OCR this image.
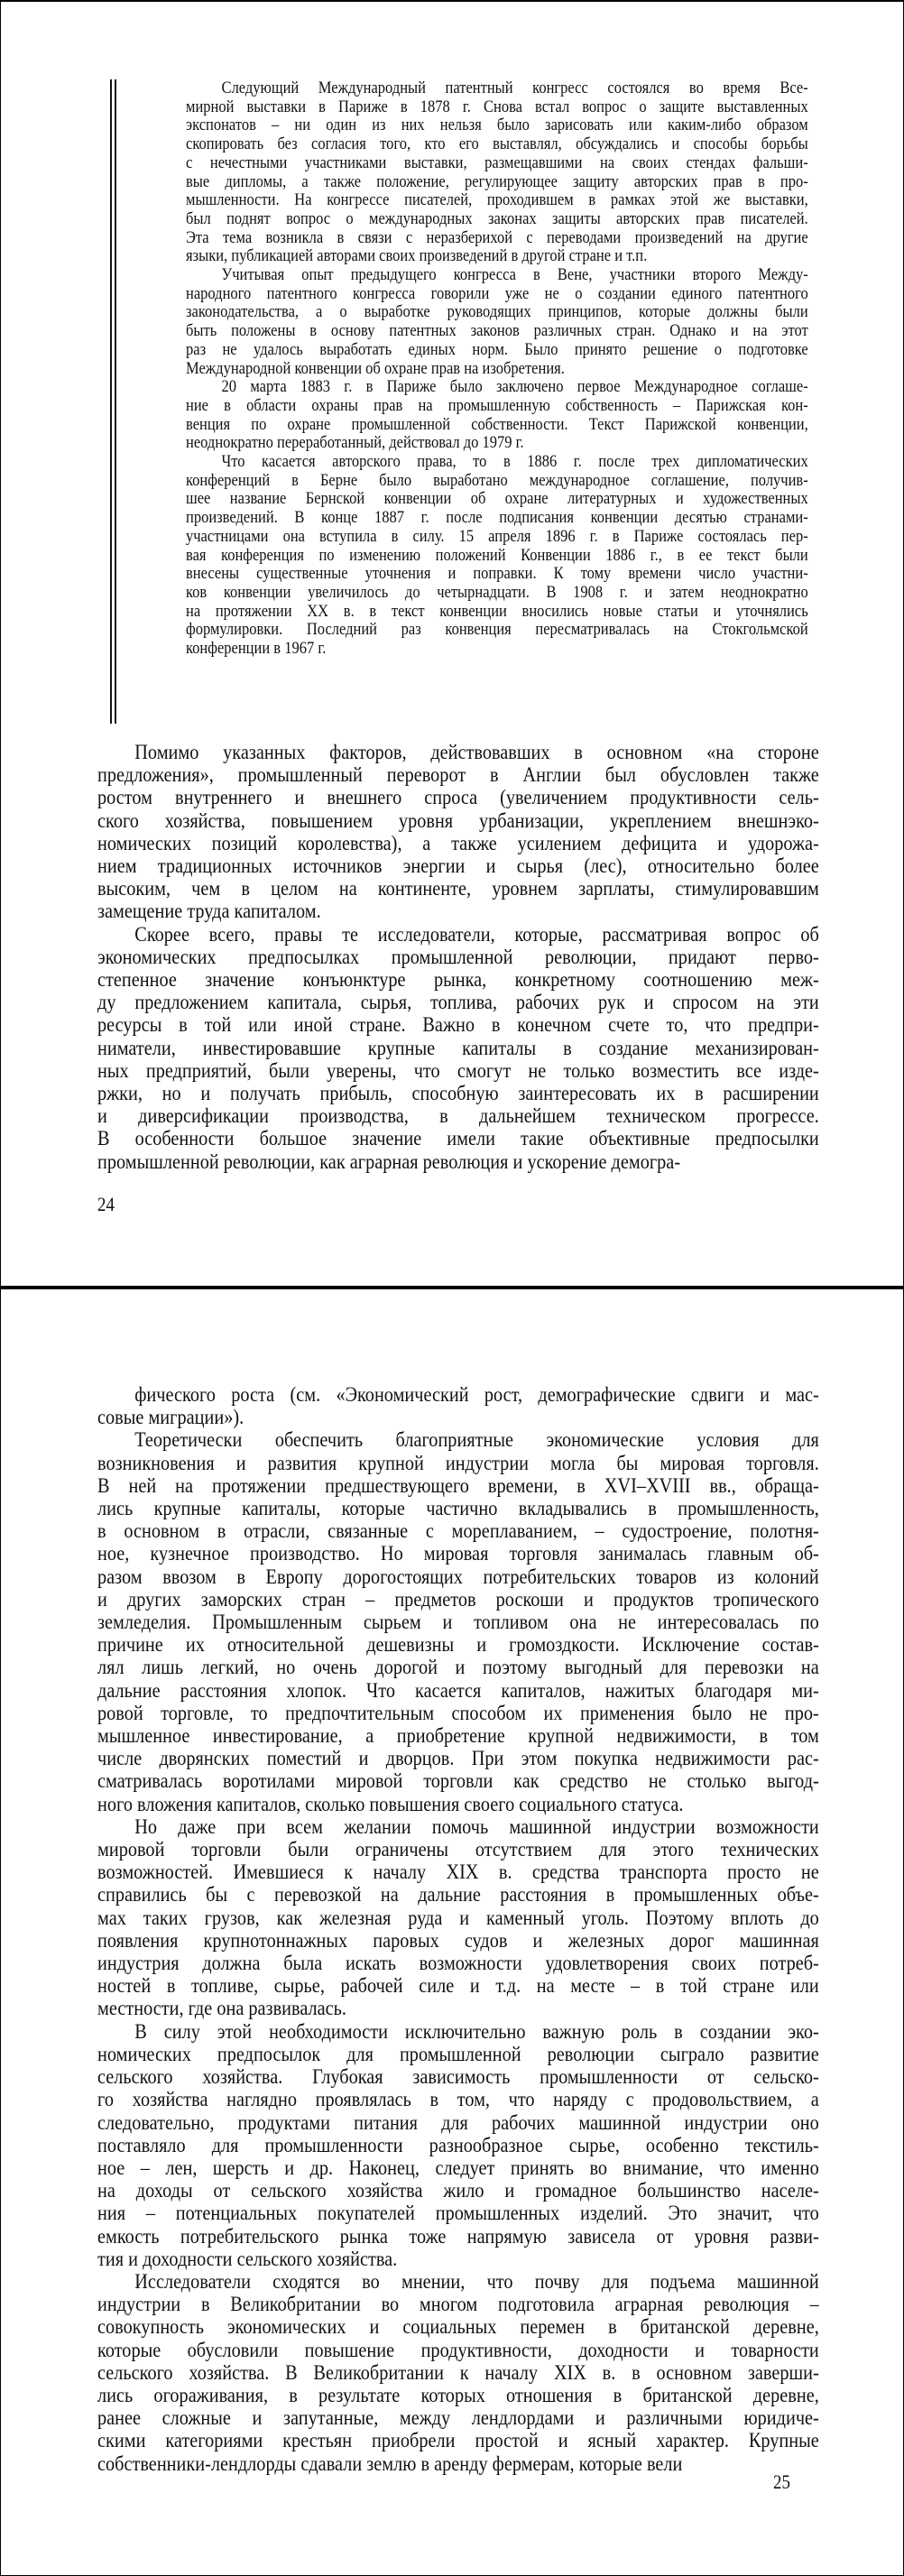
Следующий Международный патентный конгресс состоялся во время Все-
мирной выставки в Париже в 1878 г. Снова встал вопрос о защите выставленных
экспонатов – ни один из них нельзя было зарисовать или каким-либо образом
скопировать без согласия того, кто его выставлял, обсуждались и способы борьбы
с нечестными участниками выставки, размещавшими на своих стендах фальши-
вые дипломы, а также положение, регулирующее защиту авторских прав в про-
мышленности. На конгрессе писателей, проходившем в рамках этой же выставки,
был поднят вопрос о международных законах защиты авторских прав писателей.
Эта тема возникла в связи с неразберихой с переводами произведений на другие
языки, публикацией авторами своих произведений в другой стране и т.п.
Учитывая опыт предыдущего конгресса в Вене, участники второго Между-
народного патентного конгресса говорили уже не о создании единого патентного
законодательства, а о выработке руководящих принципов, которые должны были
быть положены в основу патентных законов различных стран. Однако и на этот
раз не удалось выработать единых норм. Было принято решение о подготовке
Международной конвенции об охране прав на изобретения.
20 марта 1883 г. в Париже было заключено первое Международное соглаше-
ние в области охраны прав на промышленную собственность – Парижская кон-
венция по охране промышленной собственности. Текст Парижской конвенции,
неоднократно переработанный, действовал до 1979 г.
Что касается авторского права, то в 1886 г. после трех дипломатических
конференций в Берне было выработано международное соглашение, получив-
шее название Бернской конвенции об охране литературных и художественных
произведений. В конце 1887 г. после подписания конвенции десятью странами-
участницами она вступила в силу. 15 апреля 1896 г. в Париже состоялась пер-
вая конференция по изменению положений Конвенции 1886 г., в ее текст были
внесены существенные уточнения и поправки. К тому времени число участни-
ков конвенции увеличилось до четырнадцати. В 1908 г. и затем неоднократно
на протяжении XX в. в текст конвенции вносились новые статьи и уточнялись
формулировки. Последний раз конвенция пересматривалась на Стокгольмской
конференции в 1967 г.
Помимо указанных факторов, действовавших в основном «на стороне
предложения», промышленный переворот в Англии был обусловлен также
ростом внутреннего и внешнего спроса (увеличением продуктивности сель-
ского хозяйства, повышением уровня урбанизации, укреплением внешнэко-
номических позиций королевства), а также усилением дефицита и удорожа-
нием традиционных источников энергии и сырья (лес), относительно более
высоким, чем в целом на континенте, уровнем зарплаты, стимулировавшим
замещение труда капиталом.
Скорее всего, правы те исследователи, которые, рассматривая вопрос об
экономических предпосылках промышленной революции, придают перво-
степенное значение конъюнктуре рынка, конкретному соотношению меж-
ду предложением капитала, сырья, топлива, рабочих рук и спросом на эти
ресурсы в той или иной стране. Важно в конечном счете то, что предпри-
ниматели, инвестировавшие крупные капиталы в создание механизирован-
ных предприятий, были уверены, что смогут не только возместить все изде-
ржки, но и получать прибыль, способную заинтересовать их в расширении
и диверсификации производства, в дальнейшем техническом прогрессе.
В особенности большое значение имели такие объективные предпосылки
промышленной революции, как аграрная революция и ускорение демогра-
24
фического роста (см. «Экономический рост, демографические сдвиги и мас-
совые миграции»).
Теоретически обеспечить благоприятные экономические условия для
возникновения и развития крупной индустрии могла бы мировая торговля.
В ней на протяжении предшествующего времени, в XVI–XVIII вв., обраща-
лись крупные капиталы, которые частично вкладывались в промышленность,
в основном в отрасли, связанные с мореплаванием, – судостроение, полотня-
ное, кузнечное производство. Но мировая торговля занималась главным об-
разом ввозом в Европу дорогостоящих потребительских товаров из колоний
и других заморских стран – предметов роскоши и продуктов тропического
земледелия. Промышленным сырьем и топливом она не интересовалась по
причине их относительной дешевизны и громоздкости. Исключение состав-
лял лишь легкий, но очень дорогой и поэтому выгодный для перевозки на
дальние расстояния хлопок. Что касается капиталов, нажитых благодаря ми-
ровой торговле, то предпочтительным способом их применения было не про-
мышленное инвестирование, а приобретение крупной недвижимости, в том
числе дворянских поместий и дворцов. При этом покупка недвижимости рас-
сматривалась воротилами мировой торговли как средство не столько выгод-
ного вложения капиталов, сколько повышения своего социального статуса.
Но даже при всем желании помочь машинной индустрии возможности
мировой торговли были ограничены отсутствием для этого технических
возможностей. Имевшиеся к началу XIX в. средства транспорта просто не
справились бы с перевозкой на дальние расстояния в промышленных объе-
мах таких грузов, как железная руда и каменный уголь. Поэтому вплоть до
появления крупнотоннажных паровых судов и железных дорог машинная
индустрия должна была искать возможности удовлетворения своих потреб-
ностей в топливе, сырье, рабочей силе и т.д. на месте – в той стране или
местности, где она развивалась.
В силу этой необходимости исключительно важную роль в создании эко-
номических предпосылок для промышленной революции сыграло развитие
сельского хозяйства. Глубокая зависимость промышленности от сельско-
го хозяйства наглядно проявлялась в том, что наряду с продовольствием, а
следовательно, продуктами питания для рабочих машинной индустрии оно
поставляло для промышленности разнообразное сырье, особенно текстиль-
ное – лен, шерсть и др. Наконец, следует принять во внимание, что именно
на доходы от сельского хозяйства жило и громадное большинство населе-
ния – потенциальных покупателей промышленных изделий. Это значит, что
емкость потребительского рынка тоже напрямую зависела от уровня разви-
тия и доходности сельского хозяйства.
Исследователи сходятся во мнении, что почву для подъема машинной
индустрии в Великобритании во многом подготовила аграрная революция –
совокупность экономических и социальных перемен в британской деревне,
которые обусловили повышение продуктивности, доходности и товарности
сельского хозяйства. В Великобритании к началу XIX в. в основном заверши-
лись огораживания, в результате которых отношения в британской деревне,
ранее сложные и запутанные, между лендлордами и различными юридиче-
скими категориями крестьян приобрели простой и ясный характер. Крупные
собственники-лендлорды сдавали землю в аренду фермерам, которые вели
25
